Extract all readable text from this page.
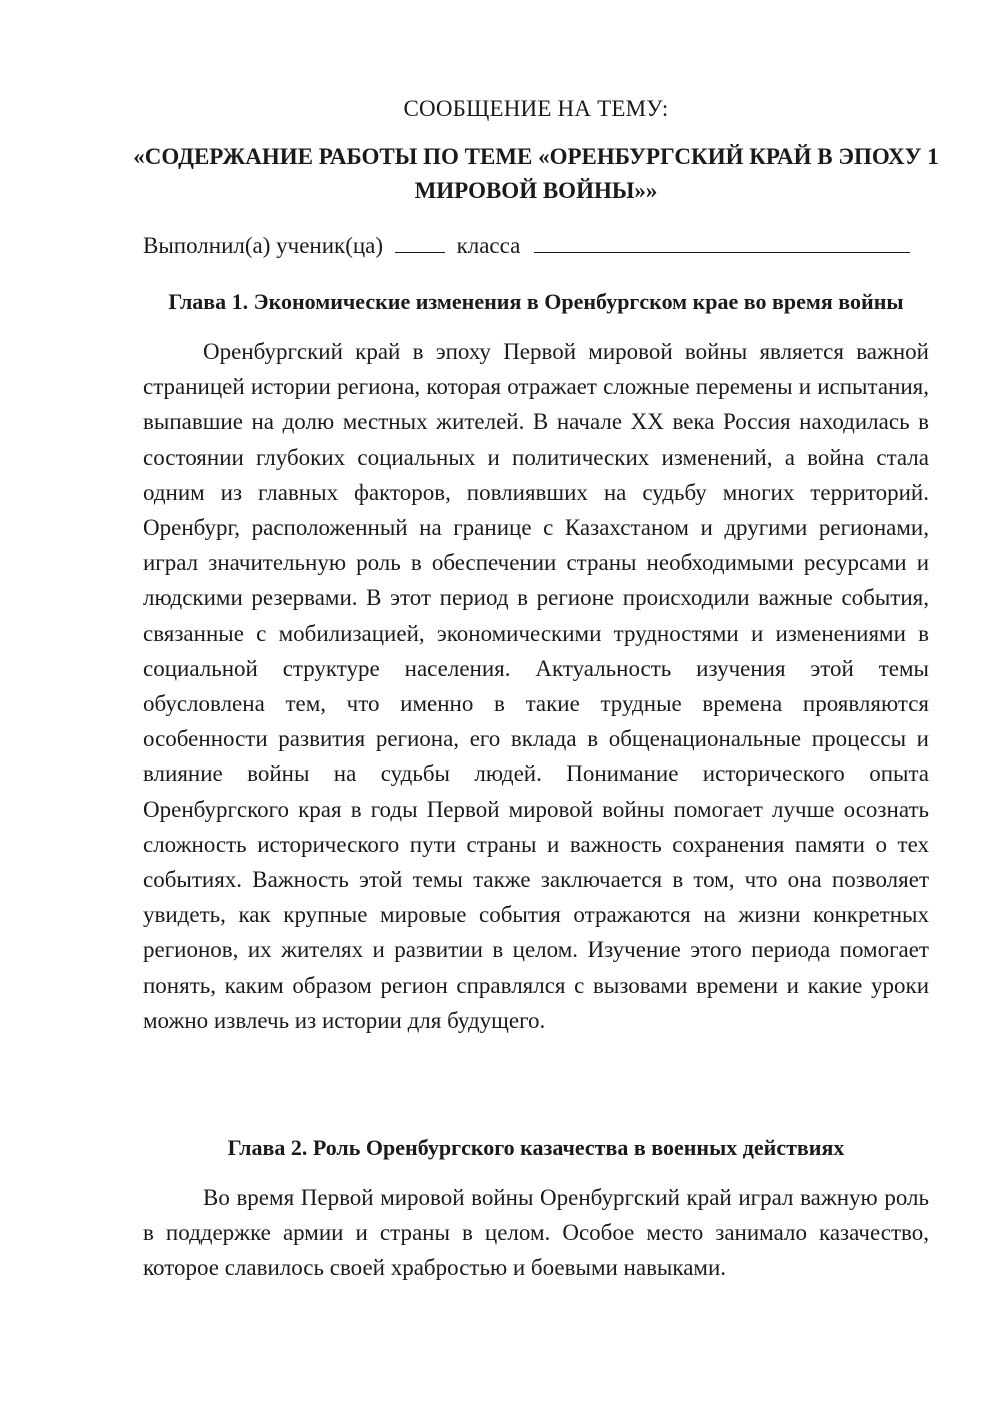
СООБЩЕНИЕ НА ТЕМУ:
«СОДЕРЖАНИЕ РАБОТЫ ПО ТЕМЕ «ОРЕНБУРГСКИЙ КРАЙ В ЭПОХУ 1 МИРОВОЙ ВОЙНЫ»»
Выполнил(а) ученик(ца)	класса
Глава 1. Экономические изменения в Оренбургском крае во время войны

Оренбургский край в эпоху Первой мировой войны является важной страницей истории региона, которая отражает сложные перемены и испытания, выпавшие на долю местных жителей. В начале XX века Россия находилась в состоянии глубоких социальных и политических изменений, а война стала одним из главных факторов, повлиявших на судьбу многих территорий. Оренбург, расположенный на границе с Казахстаном и другими регионами, играл значительную роль в обеспечении страны необходимыми ресурсами и людскими резервами. В этот период в регионе происходили важные события, связанные с мобилизацией, экономическими трудностями и изменениями в социальной структуре населения. Актуальность изучения этой темы обусловлена тем, что именно в такие трудные времена проявляются особенности развития региона, его вклада в общенациональные процессы и влияние войны на судьбы людей. Понимание исторического опыта Оренбургского края в годы Первой мировой войны помогает лучше осознать сложность исторического пути страны и важность сохранения памяти о тех событиях. Важность этой темы также заключается в том, что она позволяет увидеть, как крупные мировые события отражаются на жизни конкретных регионов, их жителях и развитии в целом. Изучение этого периода помогает понять, каким образом регион справлялся с вызовами времени и какие уроки можно извлечь из истории для будущего.

Глава 2. Роль Оренбургского казачества в военных действиях

Во время Первой мировой войны Оренбургский край играл важную роль в поддержке армии и страны в целом. Особое место занимало казачество, которое славилось своей храбростью и боевыми навыками.
